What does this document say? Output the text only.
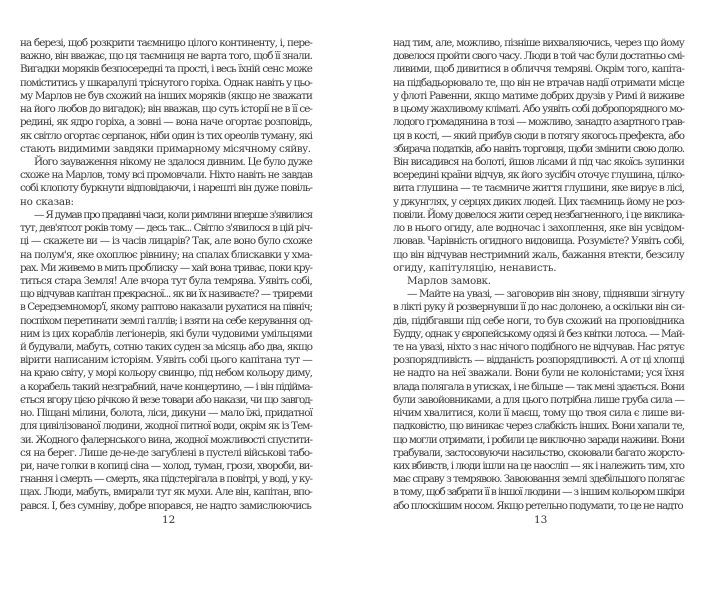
на березі, щоб розкрити таємницю цілого континенту, і, пере-
важно, він вважає, що ця таємниця не варта того, щоб її знали.
Вигадки моряків безпосередні та прості, і весь їхній сенс може
поміститись у шкаралупі тріснутого горіха. Однак навіть у цьо-
му Марлов не був схожий на інших моряків (якщо не зважати
на його любов до вигадок); він вважав, що суть історії не в її се-
редині, як ядро горіха, а зовні — вона наче огортає розповідь,
як світло огортає серпанок, ніби один із тих ореолів туману, які
стають видимими завдяки примарному місячному сяйву.
Його зауваження нікому не здалося дивним. Це було дуже
схоже на Марлов, тому всі промовчали. Ніхто навіть не завдав
собі клопоту буркнути відповідаючи, і нарешті він дуже повіль-
но сказав:
— Я думав про прадавні часи, коли римляни вперше з'явилися
тут, дев'ятсот років тому — десь так... Світло з'явилося в цій річ-
ці — скажете ви — із часів лицарів? Так, але воно було схоже
на полум'я, яке охоплює рівнину; на спалах блискавки у хма-
рах. Ми живемо в мить проблиску — хай вона триває, поки кру-
титься стара Земля! Але вчора тут була темрява. Уявіть собі,
що відчував капітан прекрасної... як ви їх називаєте? — триреми
в Середземномор'ї, якому раптово наказали рухатися на північ;
поспіхом перетинати землі галлів; і взяти на себе керування од-
ним із цих кораблів легіонерів, які були чудовими умільцями
й будували, мабуть, сотню таких суден за місяць або два, якщо
вірити написаним історіям. Уявіть собі цього капітана тут —
на краю світу, у морі кольору свинцю, під небом кольору диму,
а корабель такий незграбний, наче концертино, — і він підійма-
ється вгору цією річкою й везе товари або накази, чи що завгод-
но. Піщані мілини, болота, ліси, дикуни — мало їжі, придатної
для цивілізованої людини, жодної питної води, окрім як із Тем-
зи. Жодного фалернського вина, жодної можливості спустити-
ся на берег. Лише де-не-де загублені в пустелі військові табо-
ри, наче голки в копиці сіна — холод, туман, грози, хвороби, ви-
гнання і смерть — смерть, яка підстерігала в повітрі, у воді, у ку-
щах. Люди, мабуть, вмирали тут як мухи. Але він, капітан, впо-
рався. І, без сумніву, добре впорався, не надто замислюючись
12
над тим, але, можливо, пізніше вихваляючись, через що йому
довелося пройти свого часу. Люди в той час були достатньо смі-
ливими, щоб дивитися в обличчя темряві. Окрім того, капіта-
на підбадьорювало те, що він не втрачав надії отримати місце
у флоті Равенни, якщо матиме добрих друзів у Римі й виживе
в цьому жахливому кліматі. Або уявіть собі добропорядного мо-
лодого громадянина в тозі — можливо, занадто азартного грав-
ця в кості, — який прибув сюди в потягу якогось префекта, або
збирача податків, або навіть торговця, щоби змінити свою долю.
Він висадився на болоті, йшов лісами й під час якоїсь зупинки
всередині країни відчув, як його зусібіч оточує глушина, цілко-
вита глушина — те таємниче життя глушини, яке вирує в лісі,
у джунглях, у серцях диких людей. Цих таємниць йому не роз-
повіли. Йому довелося жити серед незбагненного, і це виклика-
ло в нього огиду, але водночас і захоплення, яке він усвідом-
лював. Чарівність огидного видовища. Розумієте? Уявіть собі,
що він відчував нестримний жаль, бажання втекти, безсилу
огиду, капітуляцію, ненависть.
Марлов замовк.
— Майте на увазі, — заговорив він знову, піднявши зігнуту
в лікті руку й розвернувши її до нас долонею, а оскільки він си-
дів, підібгавши під себе ноги, то був схожий на проповідника
Будду, однак у європейському одязі й без квітки лотоса. — Май-
те на увазі, ніхто з нас нічого подібного не відчував. Нас рятує
розпорядливість — відданість розпорядливості. А от ці хлопці
не надто на неї зважали. Вони були не колоністами; уся їхня
влада полягала в утисках, і не більше — так мені здається. Вони
були завойовниками, а для цього потрібна лише груба сила —
нічим хвалитися, коли її маєш, тому що твоя сила є лише ви-
падковістю, що виникає через слабкість інших. Вони хапали те,
що могли отримати, і робили це виключно заради наживи. Вони
грабували, застосовуючи насильство, скоювали багато жорсто-
ких вбивств, і люди ішли на це наосліп — як і належить тим, хто
має справу з темрявою. Завоювання землі здебільшого полягає
в тому, щоб забрати її в іншої людини — з іншим кольором шкіри
або плоскішим носом. Якщо ретельно подумати, то це не надто
13
